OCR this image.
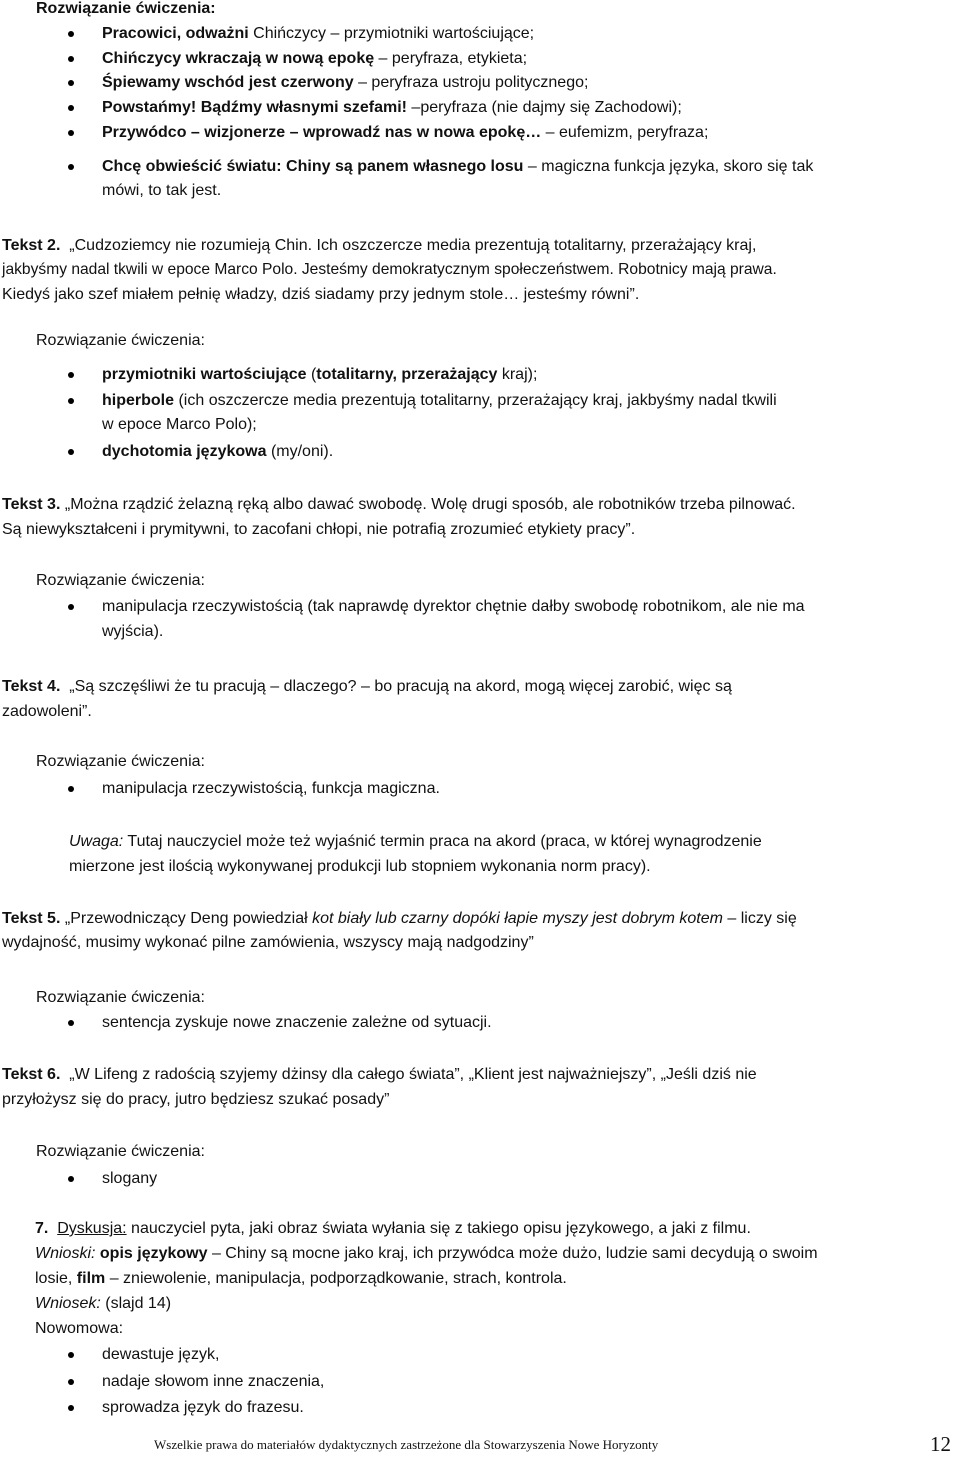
Rozwiązanie ćwiczenia:
Pracowici, odważni Chińczycy – przymiotniki wartościujące;
Chińczycy wkraczają w nową epokę – peryfraza, etykieta;
Śpiewamy wschód jest czerwony – peryfraza ustroju politycznego;
Powstańmy! Bądźmy własnymi szefami! –peryfraza (nie dajmy się Zachodowi);
Przywódco – wizjonerze – wprowadź nas w nowa epokę… – eufemizm, peryfraza;
Chcę obwieścić światu: Chiny są panem własnego losu – magiczna funkcja języka, skoro się tak
mówi, to tak jest.
Tekst 2. „Cudzoziemcy nie rozumieją Chin. Ich oszczercze media prezentują totalitarny, przerażający kraj,
jakbyśmy nadal tkwili w epoce Marco Polo. Jesteśmy demokratycznym społeczeństwem. Robotnicy mają prawa.
Kiedyś jako szef miałem pełnię władzy, dziś siadamy przy jednym stole… jesteśmy równi”.
Rozwiązanie ćwiczenia:
przymiotniki wartościujące (totalitarny, przerażający kraj);
hiperbole (ich oszczercze media prezentują totalitarny, przerażający kraj, jakbyśmy nadal tkwili
w epoce Marco Polo);
dychotomia językowa (my/oni).
Tekst 3. „Można rządzić żelazną ręką albo dawać swobodę. Wolę drugi sposób, ale robotników trzeba pilnować.
Są niewykształceni i prymitywni, to zacofani chłopi, nie potrafią zrozumieć etykiety pracy”.
Rozwiązanie ćwiczenia:
manipulacja rzeczywistością (tak naprawdę dyrektor chętnie dałby swobodę robotnikom, ale nie ma
wyjścia).
Tekst 4. „Są szczęśliwi że tu pracują – dlaczego? – bo pracują na akord, mogą więcej zarobić, więc są
zadowoleni”.
Rozwiązanie ćwiczenia:
manipulacja rzeczywistością, funkcja magiczna.
Uwaga: Tutaj nauczyciel może też wyjaśnić termin praca na akord (praca, w której wynagrodzenie
mierzone jest ilością wykonywanej produkcji lub stopniem wykonania norm pracy).
Tekst 5. „Przewodniczący Deng powiedział kot biały lub czarny dopóki łapie myszy jest dobrym kotem – liczy się
wydajność, musimy wykonać pilne zamówienia, wszyscy mają nadgodziny”
Rozwiązanie ćwiczenia:
sentencja zyskuje nowe znaczenie zależne od sytuacji.
Tekst 6. „W Lifeng z radością szyjemy dżinsy dla całego świata”, „Klient jest najważniejszy”, „Jeśli dziś nie
przyłożysz się do pracy, jutro będziesz szukać posady”
Rozwiązanie ćwiczenia:
slogany
7. Dyskusja: nauczyciel pyta, jaki obraz świata wyłania się z takiego opisu językowego, a jaki z filmu.
Wnioski: opis językowy – Chiny są mocne jako kraj, ich przywódca może dużo, ludzie sami decydują o swoim
losie, film – zniewolenie, manipulacja, podporządkowanie, strach, kontrola.
Wniosek: (slajd 14)
Nowomowa:
dewastuje język,
nadaje słowom inne znaczenia,
sprowadza język do frazesu.
Wszelkie prawa do materiałów dydaktycznych zastrzeżone dla Stowarzyszenia Nowe Horyzonty	12
